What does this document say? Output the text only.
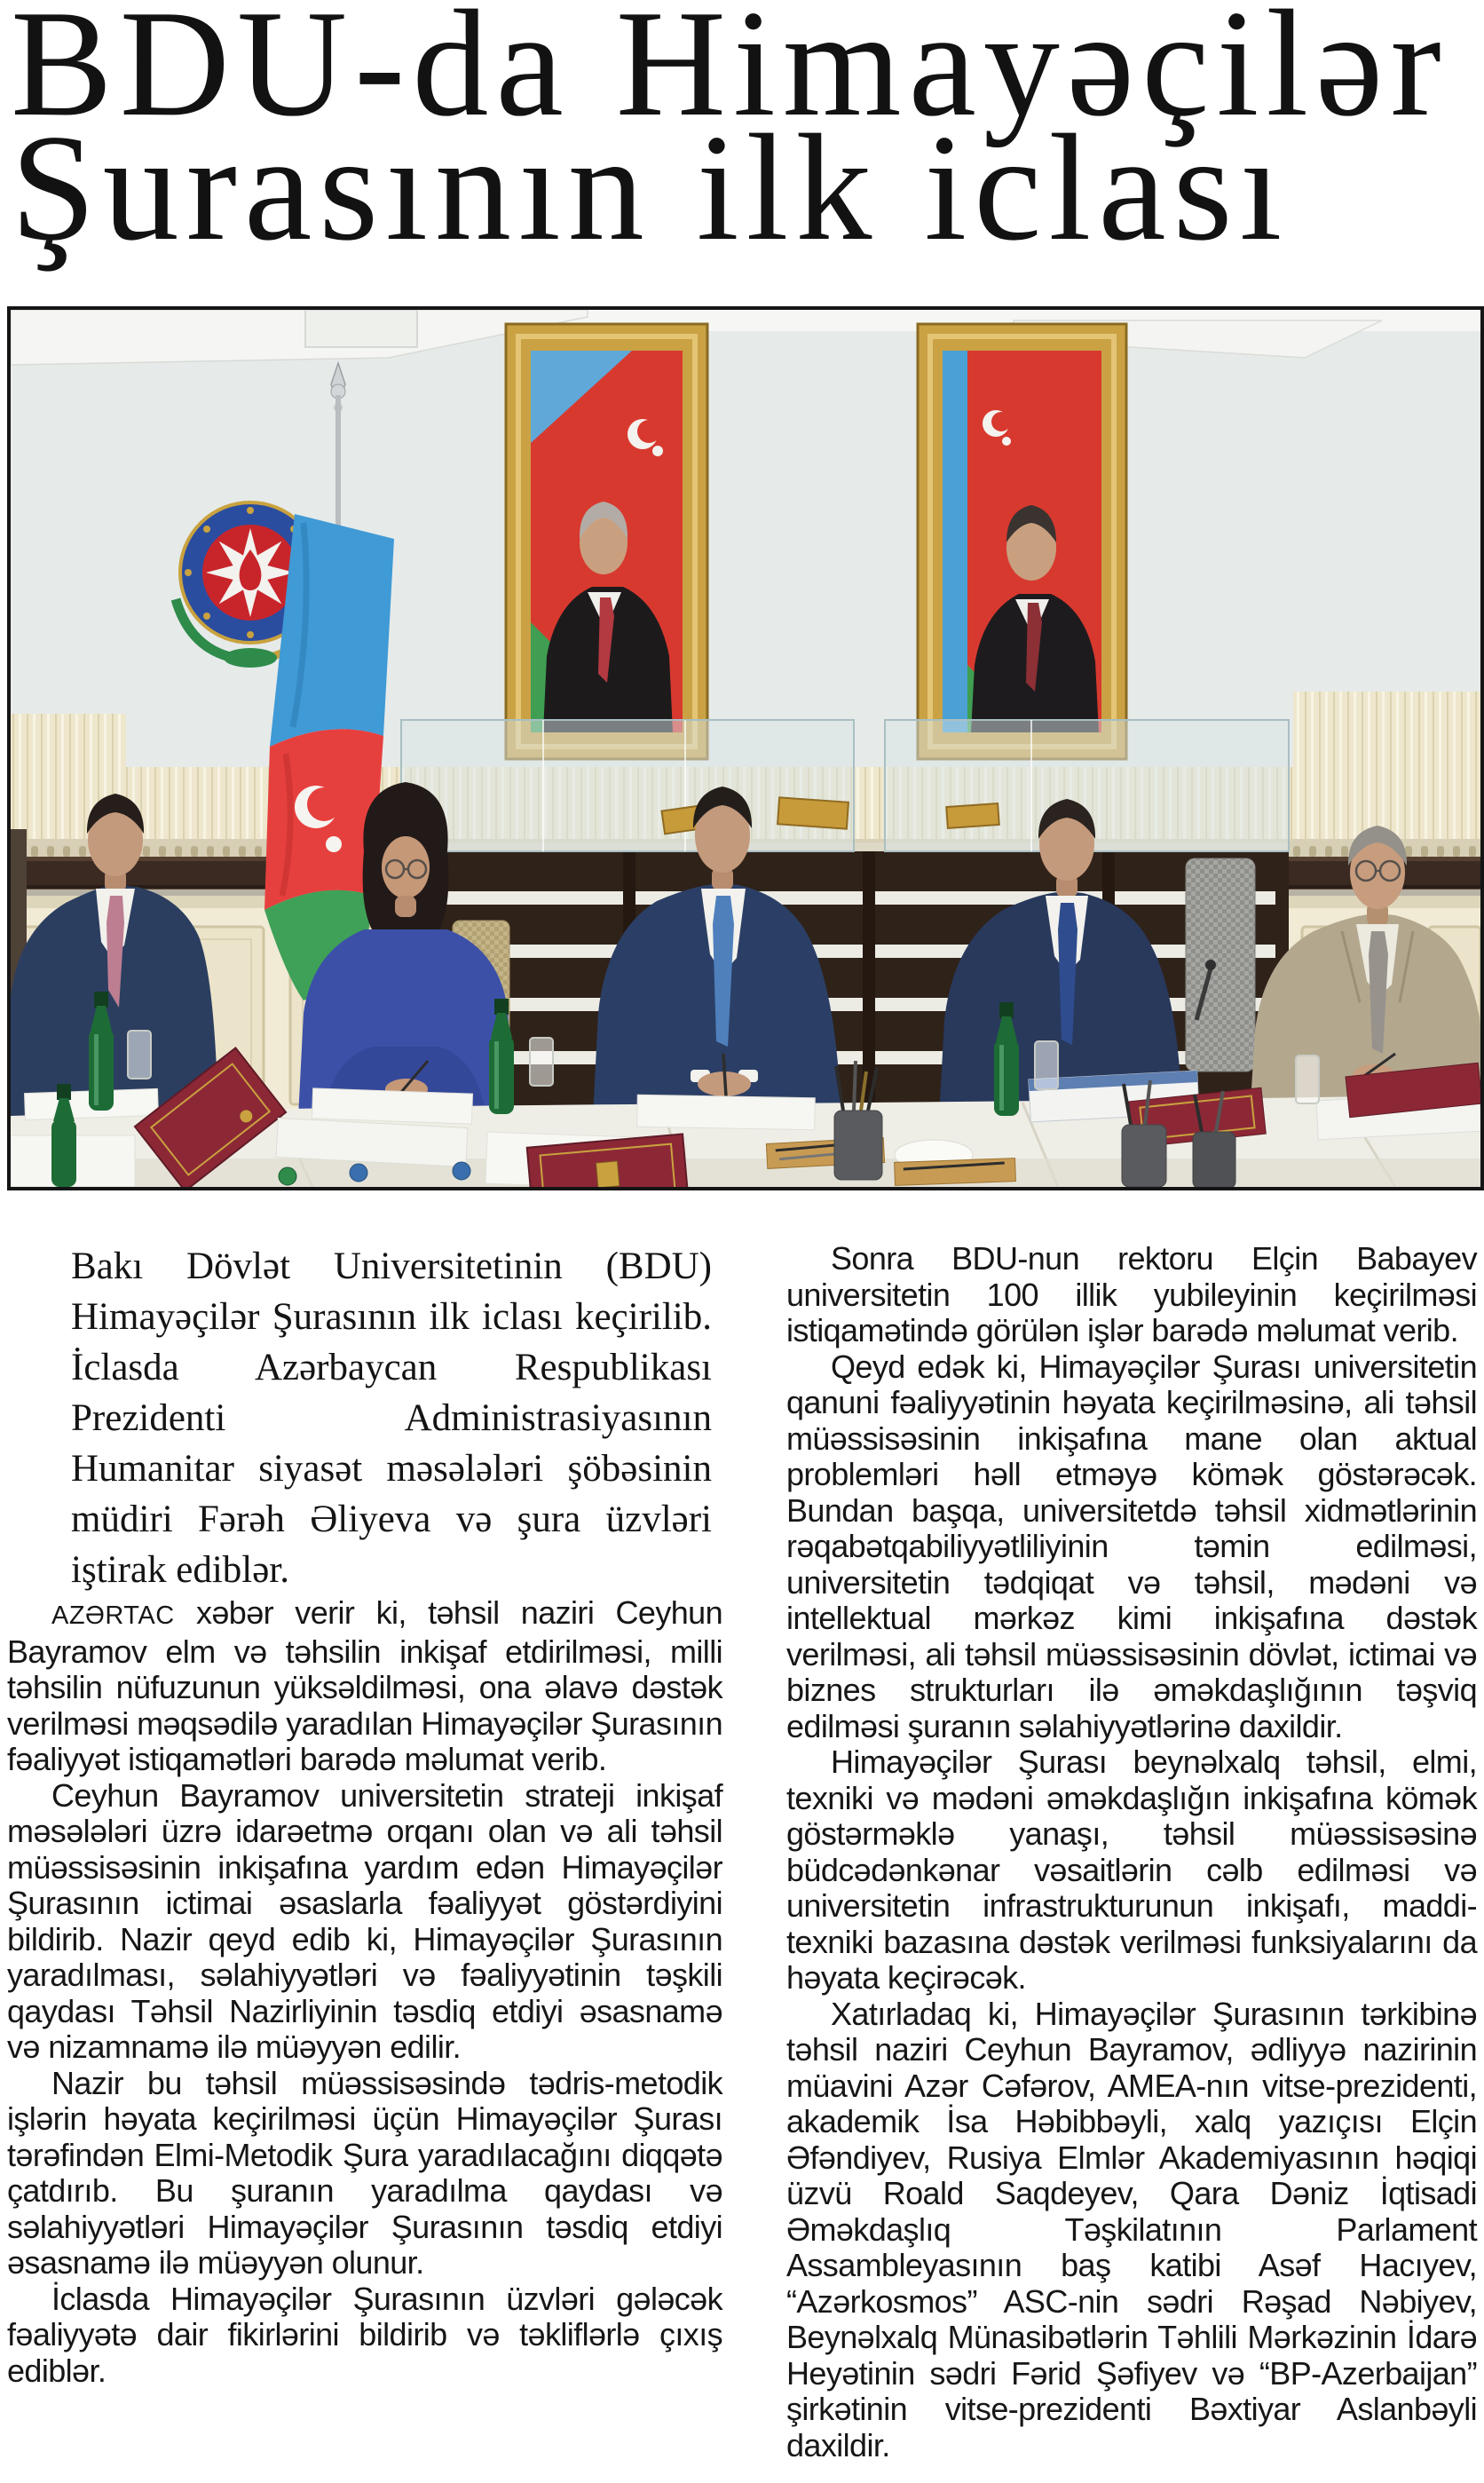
BDU-da Himayəçilər
Şurasının ilk iclası

Bakı Dövlət Universitetinin (BDU) Himayəçilər Şurasının ilk iclası keçirilib. İclasda Azərbaycan Respublikası Prezidenti Administrasiyasının Humanitar siyasət məsələləri şöbəsinin müdiri Fərəh Əliyeva və şura üzvləri iştirak ediblər.

AZƏRTAC xəbər verir ki, təhsil naziri Ceyhun Bayramov elm və təhsilin inkişaf etdirilməsi, milli təhsilin nüfuzunun yüksəldilməsi, ona əlavə dəstək verilməsi məqsədilə yaradılan Himayəçilər Şurasının fəaliyyət istiqamətləri barədə məlumat verib.

Ceyhun Bayramov universitetin strateji inkişaf məsələləri üzrə idarəetmə orqanı olan və ali təhsil müəssisəsinin inkişafına yardım edən Himayəçilər Şurasının ictimai əsaslarla fəaliyyət göstərdiyini bildirib. Nazir qeyd edib ki, Himayəçilər Şurasının yaradılması, səlahiyyətləri və fəaliyyətinin təşkili qaydası Təhsil Nazirliyinin təsdiq etdiyi əsasnamə və nizamnamə ilə müəyyən edilir.

Nazir bu təhsil müəssisəsində tədris-metodik işlərin həyata keçirilməsi üçün Himayəçilər Şurası tərəfindən Elmi-Metodik Şura yaradılacağını diqqətə çatdırıb. Bu şuranın yaradılma qaydası və səlahiyyətləri Himayəçilər Şurasının təsdiq etdiyi əsasnamə ilə müəyyən olunur.

İclasda Himayəçilər Şurasının üzvləri gələcək fəaliyyətə dair fikirlərini bildirib və təkliflərlə çıxış ediblər.

Sonra BDU-nun rektoru Elçin Babayev universitetin 100 illik yubileyinin keçirilməsi istiqamətində görülən işlər barədə məlumat verib.

Qeyd edək ki, Himayəçilər Şurası universitetin qanuni fəaliyyətinin həyata keçirilməsinə, ali təhsil müəssisəsinin inkişafına mane olan aktual problemləri həll etməyə kömək göstərəcək. Bundan başqa, universitetdə təhsil xidmətlərinin rəqabətqabiliyyətliliyinin təmin edilməsi, universitetin tədqiqat və təhsil, mədəni və intellektual mərkəz kimi inkişafına dəstək verilməsi, ali təhsil müəssisəsinin dövlət, ictimai və biznes strukturları ilə əməkdaşlığının təşviq edilməsi şuranın səlahiyyətlərinə daxildir.

Himayəçilər Şurası beynəlxalq təhsil, elmi, texniki və mədəni əməkdaşlığın inkişafına kömək göstərməklə yanaşı, təhsil müəssisəsinə büdcədənkənar vəsaitlərin cəlb edilməsi və universitetin infrastrukturunun inkişafı, maddi-texniki bazasına dəstək verilməsi funksiyalarını da həyata keçirəcək.

Xatırladaq ki, Himayəçilər Şurasının tərkibinə təhsil naziri Ceyhun Bayramov, ədliyyə nazirinin müavini Azər Cəfərov, AMEA-nın vitse-prezidenti, akademik İsa Həbibbəyli, xalq yazıçısı Elçin Əfəndiyev, Rusiya Elmlər Akademiyasının həqiqi üzvü Roald Saqdeyev, Qara Dəniz İqtisadi Əməkdaşlıq Təşkilatının Parlament Assambleyasının baş katibi Asəf Hacıyev, “Azərkosmos” ASC-nin sədri Rəşad Nəbiyev, Beynəlxalq Münasibətlərin Təhlili Mərkəzinin İdarə Heyətinin sədri Fərid Şəfiyev və “BP-Azerbaijan” şirkətinin vitse-prezidenti Bəxtiyar Aslanbəyli daxildir.
